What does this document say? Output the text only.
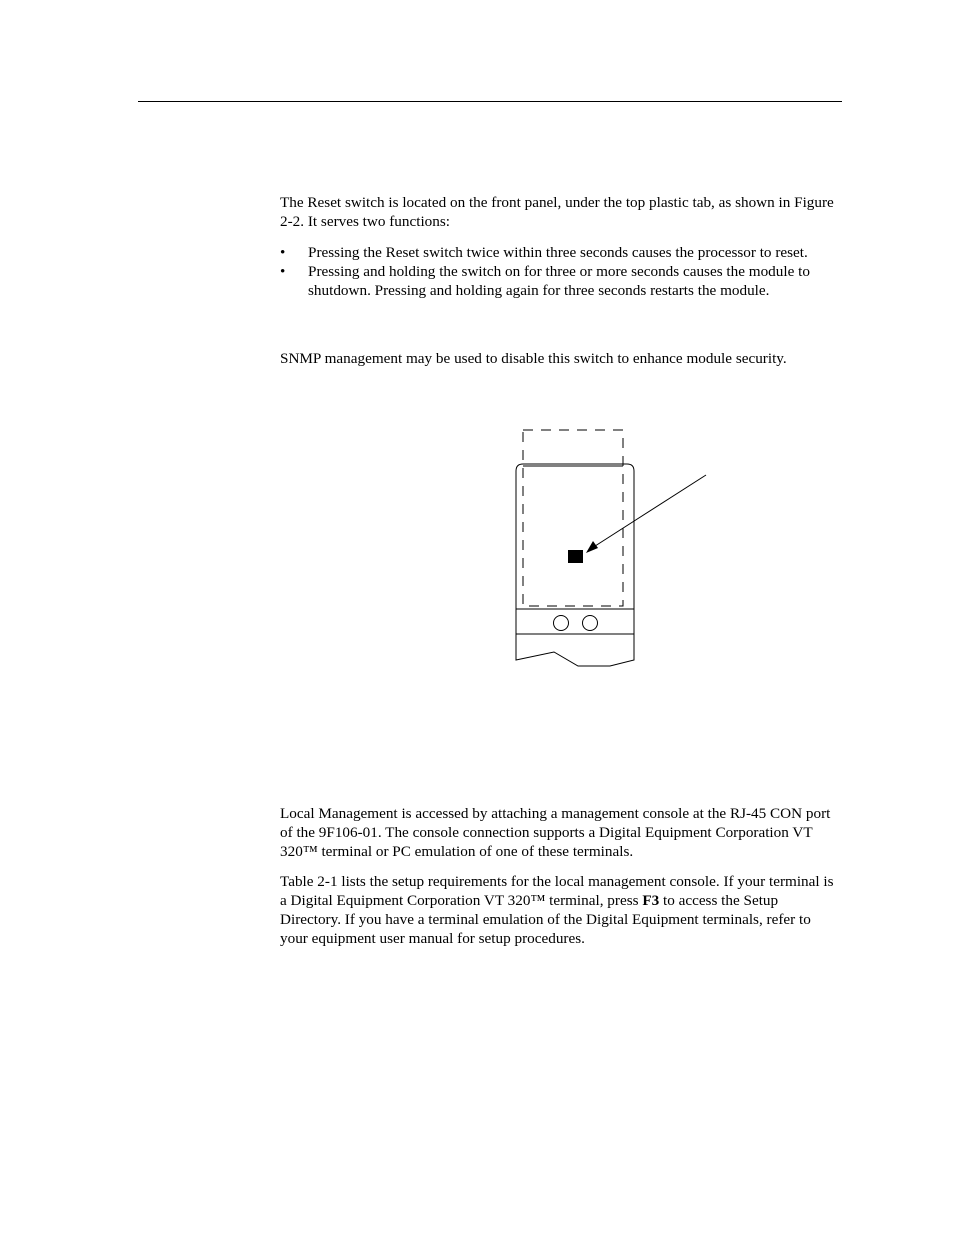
The Reset switch is located on the front panel, under the top plastic tab, as shown in Figure 2-2. It serves two functions:

• Pressing the Reset switch twice within three seconds causes the processor to reset.
• Pressing and holding the switch on for three or more seconds causes the module to shutdown. Pressing and holding again for three seconds restarts the module.

SNMP management may be used to disable this switch to enhance module security.

Local Management is accessed by attaching a management console at the RJ-45 CON port of the 9F106-01. The console connection supports a Digital Equipment Corporation VT 320™ terminal or PC emulation of one of these terminals.

Table 2-1 lists the setup requirements for the local management console. If your terminal is a Digital Equipment Corporation VT 320™ terminal, press F3 to access the Setup Directory. If you have a terminal emulation of the Digital Equipment terminals, refer to your equipment user manual for setup procedures.
